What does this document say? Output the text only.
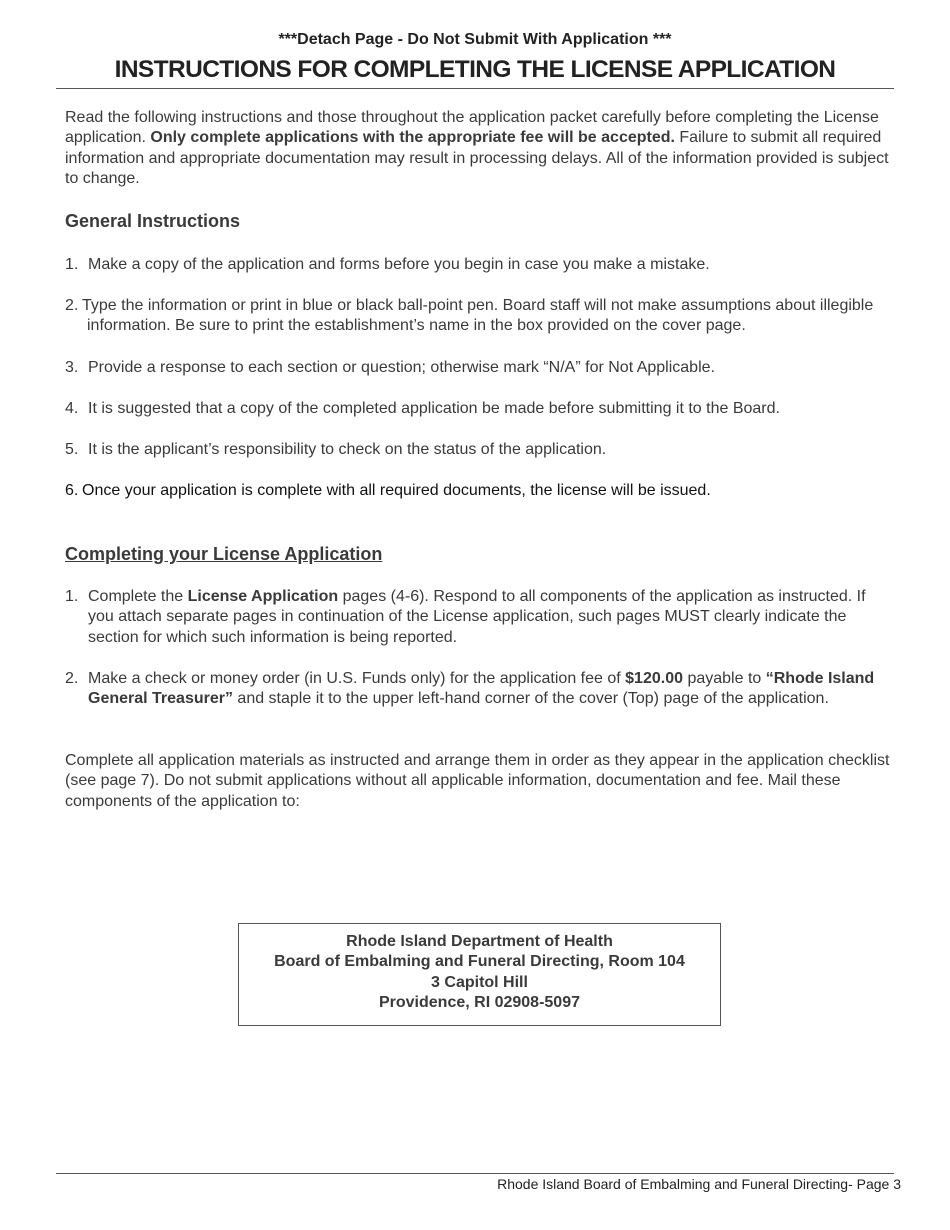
***Detach Page - Do Not Submit With Application ***
INSTRUCTIONS FOR COMPLETING THE LICENSE APPLICATION
Read the following instructions and those throughout the application packet carefully before completing the License application. Only complete applications with the appropriate fee will be accepted. Failure to submit all required information and appropriate documentation may result in processing delays. All of the information provided is subject to change.
General Instructions
1. Make a copy of the application and forms before you begin in case you make a mistake.
2. Type the information or print in blue or black ball-point pen. Board staff will not make assumptions about illegible information. Be sure to print the establishment’s name in the box provided on the cover page.
3. Provide a response to each section or question; otherwise mark “N/A” for Not Applicable.
4. It is suggested that a copy of the completed application be made before submitting it to the Board.
5. It is the applicant’s responsibility to check on the status of the application.
6. Once your application is complete with all required documents, the license will be issued.
Completing your License Application
1. Complete the License Application pages (4-6). Respond to all components of the application as instructed. If you attach separate pages in continuation of the License application, such pages MUST clearly indicate the section for which such information is being reported.
2. Make a check or money order (in U.S. Funds only) for the application fee of $120.00 payable to “Rhode Island General Treasurer” and staple it to the upper left-hand corner of the cover (Top) page of the application.
Complete all application materials as instructed and arrange them in order as they appear in the application checklist (see page 7). Do not submit applications without all applicable information, documentation and fee. Mail these components of the application to:
Rhode Island Department of Health
Board of Embalming and Funeral Directing, Room 104
3 Capitol Hill
Providence, RI 02908-5097
Rhode Island Board of Embalming and Funeral Directing- Page 3
